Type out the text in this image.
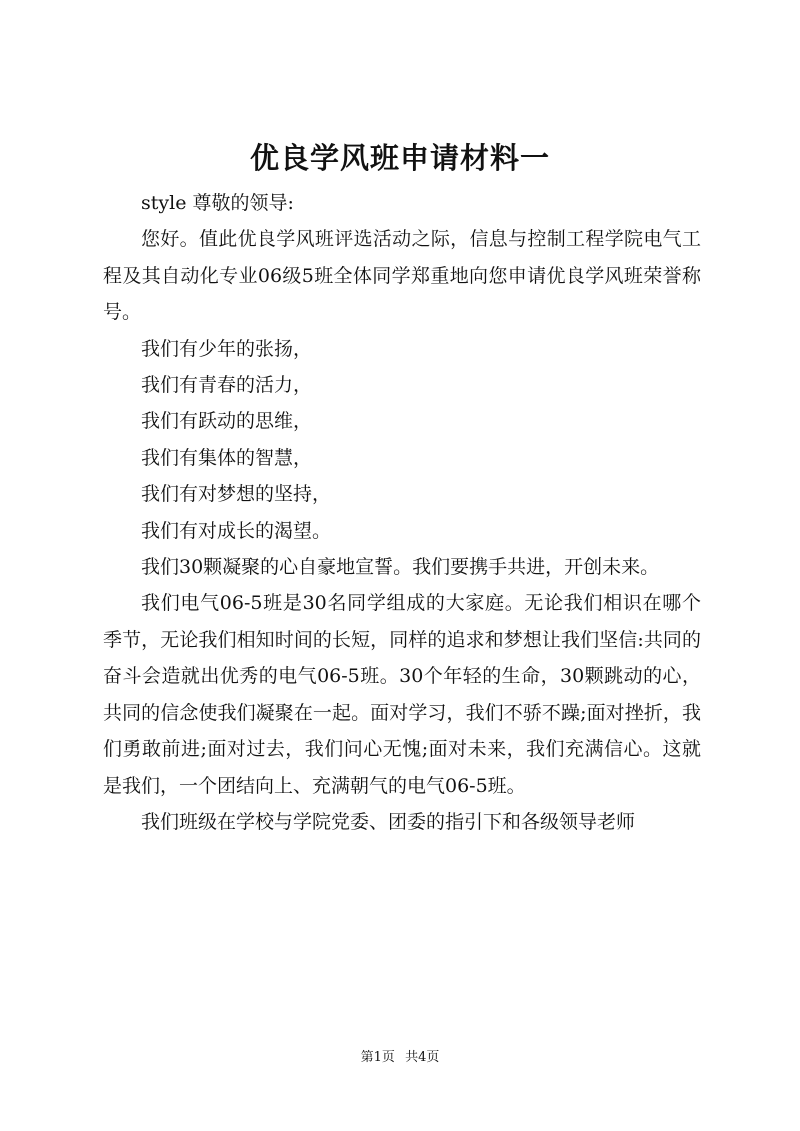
优良学风班申请材料一

style 尊敬的领导:

您好。值此优良学风班评选活动之际，信息与控制工程学院电气工程及其自动化专业06级5班全体同学郑重地向您申请优良学风班荣誉称号。

我们有少年的张扬，

我们有青春的活力，

我们有跃动的思维，

我们有集体的智慧，

我们有对梦想的坚持，

我们有对成长的渴望。

我们30颗凝聚的心自豪地宣誓。我们要携手共进，开创未来。

我们电气06-5班是30名同学组成的大家庭。无论我们相识在哪个季节，无论我们相知时间的长短，同样的追求和梦想让我们坚信:共同的奋斗会造就出优秀的电气06-5班。30个年轻的生命，30颗跳动的心，共同的信念使我们凝聚在一起。面对学习，我们不骄不躁;面对挫折，我们勇敢前进;面对过去，我们问心无愧;面对未来，我们充满信心。这就是我们，一个团结向上、充满朝气的电气06-5班。

我们班级在学校与学院党委、团委的指引下和各级领导老师

第1页 共4页
